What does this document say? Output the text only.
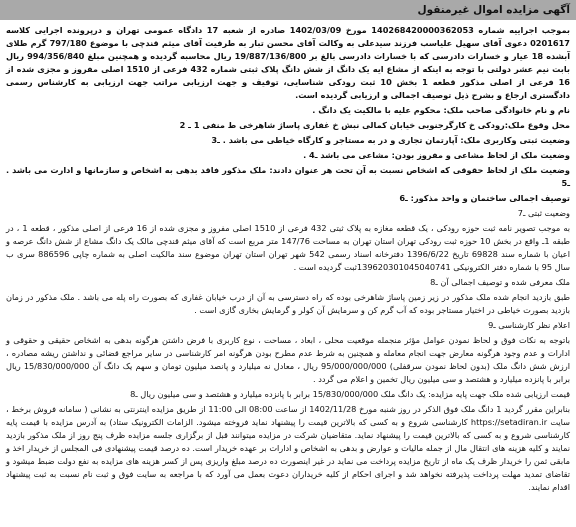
آگهی مزایده اموال غیرمنقول

بموجب اجراییه شماره 140268420000362053 مورخ 1402/03/09 صادره از شعبه 17 دادگاه عمومی تهران و درپرونده اجرایی کلاسه 0201617 دعوی آقای سهیل علیاسب فرزند سیدعلی به وکالت آقای محسن تبار به طرفیت آقای میثم قندچی با موضوع 797/180 گرم طلای آبشده 18 عیار و خسارات دادرسی که با خسارات دادرسی بالغ بر 19/887/136/800 ریال محاسبه گردیده و همچنین مبلغ 994/356/840 ریال بابت نیم عشر دولتی با توجه به اینکه از مشاع ایه یک دانگ از شش دانگ پلاک ثبتی شماره 432 فرعی از 1510 اصلی مفروز و مجزی شده از 16 فرعی از اصلی مذکور قطعه 1 بخش 10 ثبت رودکی شناسایی، توقیف و جهت ارزیابی مراتب جهت ارزیابی به کارشناس رسمی دادگستری ارجاع و بشرح ذیل توصیف اجمالی و ارزیابی گردیده است.

نام و نام خانوادگی صاحب ملک: محکوم علیه با مالکیت یک دانگ .

محل وقوع ملک:رودکی خ کارگرجنوبی خیابان کمالی نبش خ غفاری پاساژ شاهرخی ط منفی 1 ـ 2

وضعیت ثبتی وکاربری ملک: آپارتمان تجاری و در به مستاجر و کارگاه خیاطی می باشد . ـ3

وضعیت ملک از لحاظ مشاعی و مفروز بودن: مشاعی می باشد ـ4 .

وضعیت ملک از لحاظ حقوقی که اشخاص نسبت به آن تحت هر عنوان دادند: ملک مذکور فاقد بدهی به اشخاص و سازمانها و ادارت می باشد . ـ5

توصیف اجمالی ساختمان و واحد مذکور: ـ6

وضعیت ثبتی ـ7

به موجب تصویر نامه ثبت حوزه رودکی ، یک قطعه مغازه به پلاک ثبتی 432 فرعی از 1510 اصلی مفروز و مجزی شده از 16 فرعی از اصلی مذکور ، قطعه 1 ، در طبقه 1ـ واقع در بخش 10 حوزه ثبت رودکی تهران استان تهران به مساحت 147/76 متر مربع است که آقای میثم قندچی مالک یک دانگ مشاع از شش دانگ عرصه و اعیان با شماره سند 69828 تاریخ 1396/6/22 دفترخانه اسناد رسمی 542 شهر تهران استان تهران موضوع سند مالکیت اصلی به شماره چاپی 886596 سری ب سال 95 با شماره دفتر الکترونیکی 139620301045040741ثبت گردیده است .

ملک معرفی شده و توصیف اجمالی آن ـ8

طبق بازدید انجام شده ملک مذکور در زیر زمین پاساژ شاهرخی بوده که راه دسترسی به آن از درب خیابان غفاری که بصورت راه پله می باشد . ملک مذکور در زمان بازدید بصورت خیاطی در اختیار مستاجر بوده که آب گرم کن و سرمایش آن کولر و گرمایش بخاری گازی است .

اعلام نظر کارشناسی ـ9

باتوجه به نکات فوق و لحاظ نمودن عوامل مؤثر منجمله موقعیت محلی ، ابعاد ، مساحت ، نوع کاربری با فرض داشتن هرگونه بدهی به اشخاص حقیقی و حقوقی و ادارات و عدم وجود هرگونه معارض جهت انجام معامله و همچنین به شرط عدم مطرح بودن هرگونه امر کارشناسی در سایر مراجع قضائی و نداشتن ریشه مصادره ، ارزش شش دانگ ملک (بدون لحاظ نمودن سرقفلی) 95/000/000/000 ریال ، معادل نه میلیارد و پانصد میلیون تومان و سهم یک دانگ آن 15/830/000/000 ریال برابر با پانزده میلیارد و هشتصد و سی میلیون ریال تخمین و اعلام می گردد .

قیمت ارزیابی شده ملک جهت پایه مزایده: یک دانگ ملک 15/830/000/000 برابر با پانزده میلیارد و هشتصد و سی میلیون ریال ـ8

بنابراین مقرر گردید 1 دانگ ملک فوق الذکر در روز شنبه مورخ 1402/11/28 از ساعت 08:00 الی 11:00 از طریق مزایده اینترنتی به نشانی ( سامانه فروش برخط ، سایت https://setadiran.ir کارشناسی شروع و به کسی که بالاترین قیمت را پیشنهاد نماید فروخته میشود. الزامات الکترونیک ستاد) به آدرس مزایده با قیمت پایه کارشناسی شروع و به کسی که بالاترین قیمت را پیشنهاد نماید. متقاضیان شرکت در مزایده میتوانند قبل از برگزاری جلسه مزایده ظرف پنج روز از ملک مذکور بازدید نمایند و کلیه هزینه های انتقال مال از جمله مالیات و عوارض و بدهی به اشخاص و ادارات بر عهده خریدار است. ده درصد قیمت پیشنهادی فی المجلس از خریدار اخذ و مابقی ثمن را خریدار ظرف یک ماه از تاریخ مزایده پرداخت می نماید در غیر اینصورت ده درصد مبلغ واریزی پس از کسر هزینه های مزایده به نفع دولت ضبط میشود و تقاضای تمدید مهلت پرداخت پذیرفته نخواهد شد و اجرای احکام از کلیه خریداران دعوت بعمل می آورد که با مراجعه به سایت فوق و ثبت نام نسبت به ثبت پیشنهاد اقدام نمایند.
